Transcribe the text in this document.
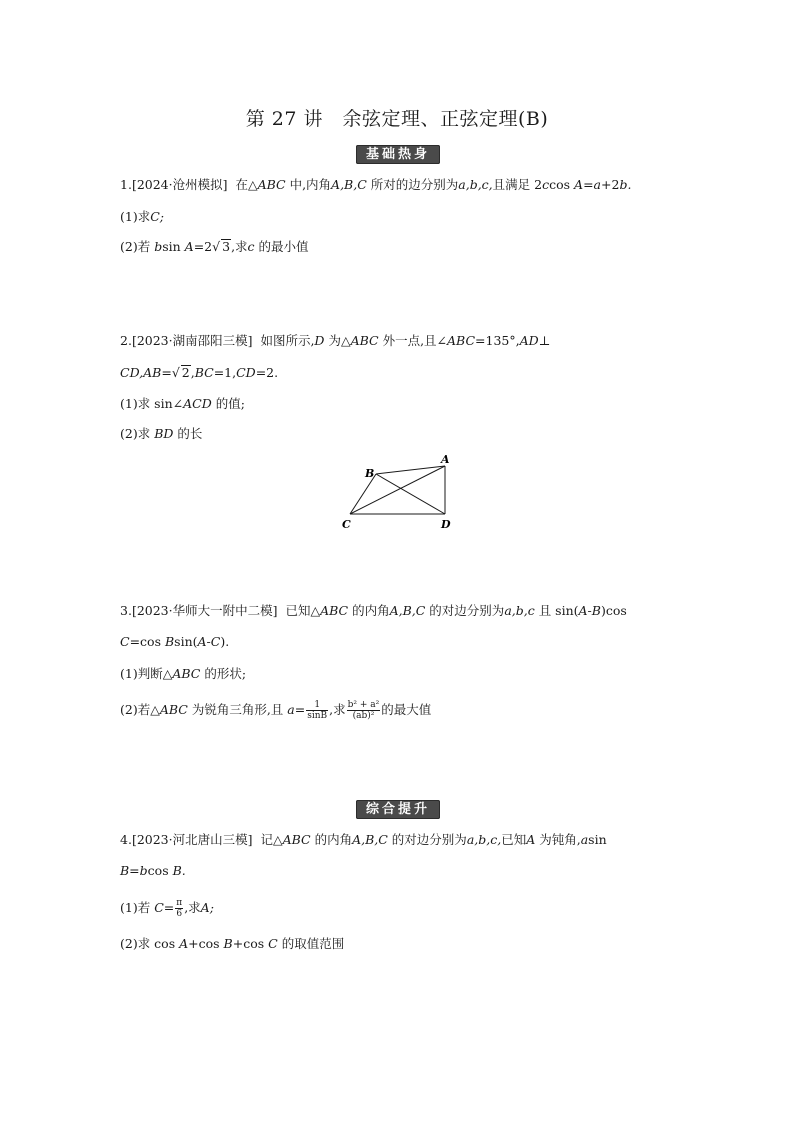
第 27 讲　余弦定理、正弦定理(B)
基础热身
1.[2024·沧州模拟] 在△ABC 中,内角A,B,C 所对的边分别为a,b,c,且满足 2ccos A=a+2b.
(1)求C;
(2)若 bsin A=2√ 3,求c 的最小值
2.[2023·湖南邵阳三模] 如图所示,D 为△ABC 外一点,且∠ABC=135°,AD⊥
CD,AB=√ 2,BC=1,CD=2.
(1)求 sin∠ACD 的值;
(2)求 BD 的长
B
A
C	D
3.[2023·华师大一附中二模] 已知△ABC 的内角A,B,C 的对边分别为a,b,c 且 sin(A-B)cos
C=cos Bsin(A-C).
(1)判断△ABC 的形状;
(2)若△ABC 为锐角三角形,且 $a= \frac{1}{\sin B}$ ,求 $\frac{\text{b² + a²}}{\text{(ab)²}}$ 的最大值
综合提升
4.[2023·河北唐山三模] 记△ABC 的内角A,B,C 的对边分别为a,b,c,已知A 为钝角,asin
B=bcos B.
(1)若 $C= \frac{\pi}{6}$ ,求A;
(2)求 cos A+cos B+cos C 的取值范围
